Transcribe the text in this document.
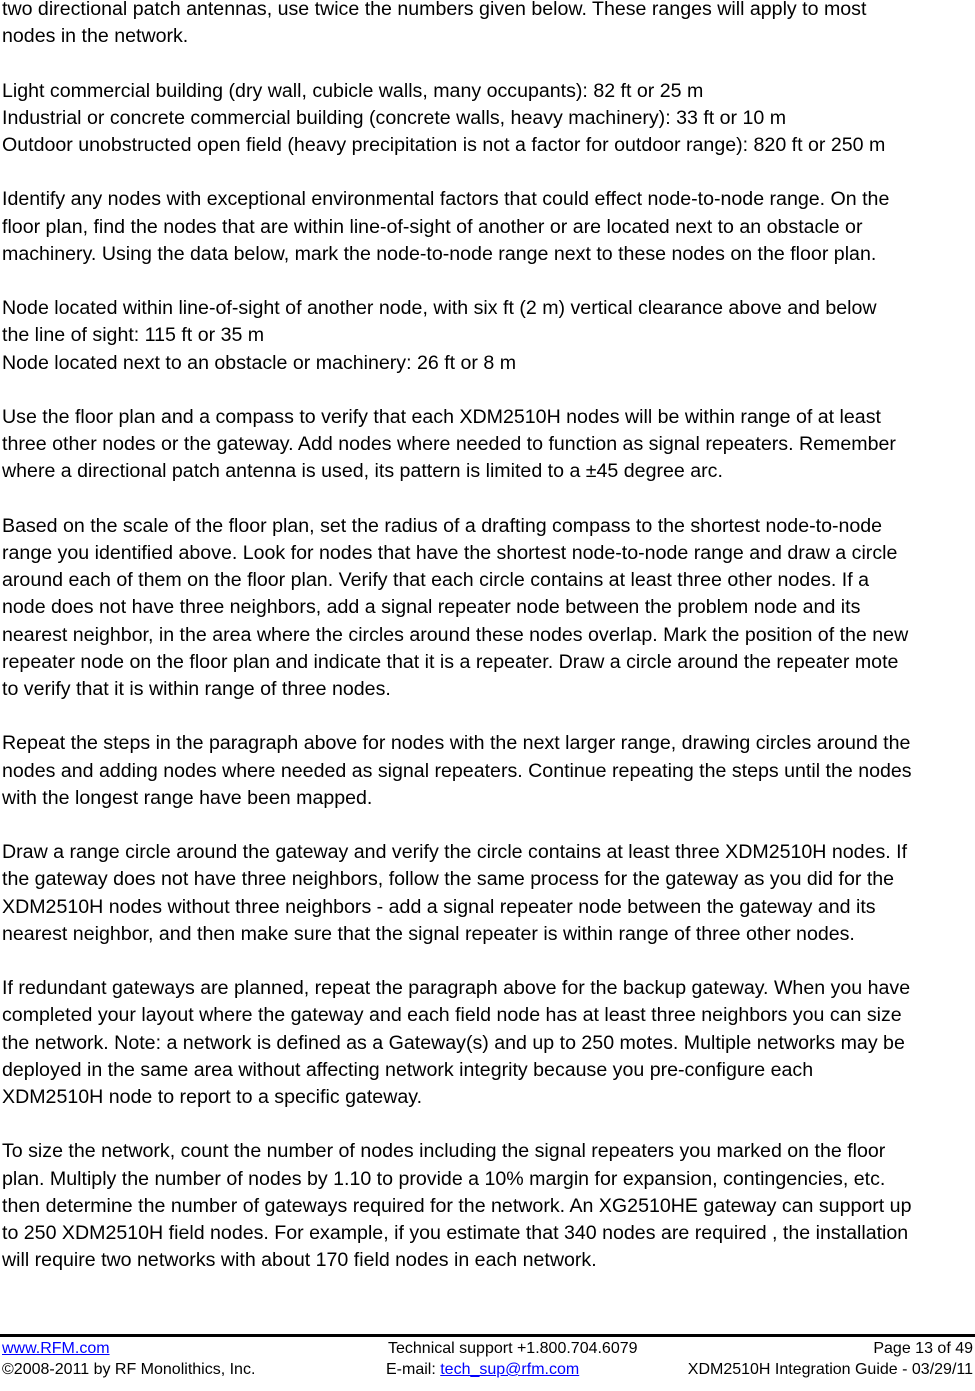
two directional patch antennas, use twice the numbers given below. These ranges will apply to most
nodes in the network.
Light commercial building (dry wall, cubicle walls, many occupants): 82 ft or 25 m
Industrial or concrete commercial building (concrete walls, heavy machinery): 33 ft or 10 m
Outdoor unobstructed open field (heavy precipitation is not a factor for outdoor range): 820 ft or 250 m
Identify any nodes with exceptional environmental factors that could effect node-to-node range. On the
floor plan, find the nodes that are within line-of-sight of another or are located next to an obstacle or
machinery. Using the data below, mark the node-to-node range next to these nodes on the floor plan.
Node located within line-of-sight of another node, with six ft (2 m) vertical clearance above and below
the line of sight: 115 ft or 35 m
Node located next to an obstacle or machinery: 26 ft or 8 m
Use the floor plan and a compass to verify that each XDM2510H nodes will be within range of at least
three other nodes or the gateway. Add nodes where needed to function as signal repeaters. Remember
where a directional patch antenna is used, its pattern is limited to a ±45 degree arc.
Based on the scale of the floor plan, set the radius of a drafting compass to the shortest node-to-node
range you identified above. Look for nodes that have the shortest node-to-node range and draw a circle
around each of them on the floor plan. Verify that each circle contains at least three other nodes. If a
node does not have three neighbors, add a signal repeater node between the problem node and its
nearest neighbor, in the area where the circles around these nodes overlap. Mark the position of the new
repeater node on the floor plan and indicate that it is a repeater. Draw a circle around the repeater mote
to verify that it is within range of three nodes.
Repeat the steps in the paragraph above for nodes with the next larger range, drawing circles around the
nodes and adding nodes where needed as signal repeaters. Continue repeating the steps until the nodes
with the longest range have been mapped.
Draw a range circle around the gateway and verify the circle contains at least three XDM2510H nodes. If
the gateway does not have three neighbors, follow the same process for the gateway as you did for the
XDM2510H nodes without three neighbors - add a signal repeater node between the gateway and its
nearest neighbor, and then make sure that the signal repeater is within range of three other nodes.
If redundant gateways are planned, repeat the paragraph above for the backup gateway. When you have
completed your layout where the gateway and each field node has at least three neighbors you can size
the network. Note: a network is defined as a Gateway(s) and up to 250 motes. Multiple networks may be
deployed in the same area without affecting network integrity because you pre-configure each
XDM2510H node to report to a specific gateway.
To size the network, count the number of nodes including the signal repeaters you marked on the floor
plan. Multiply the number of nodes by 1.10 to provide a 10% margin for expansion, contingencies, etc.
then determine the number of gateways required for the network. An XG2510HE gateway can support up
to 250 XDM2510H field nodes. For example, if you estimate that 340 nodes are required , the installation
will require two networks with about 170 field nodes in each network.
www.RFM.com	Technical support +1.800.704.6079	Page 13 of 49
©2008-2011 by RF Monolithics, Inc.	E-mail: tech_sup@rfm.com	XDM2510H Integration Guide - 03/29/11
